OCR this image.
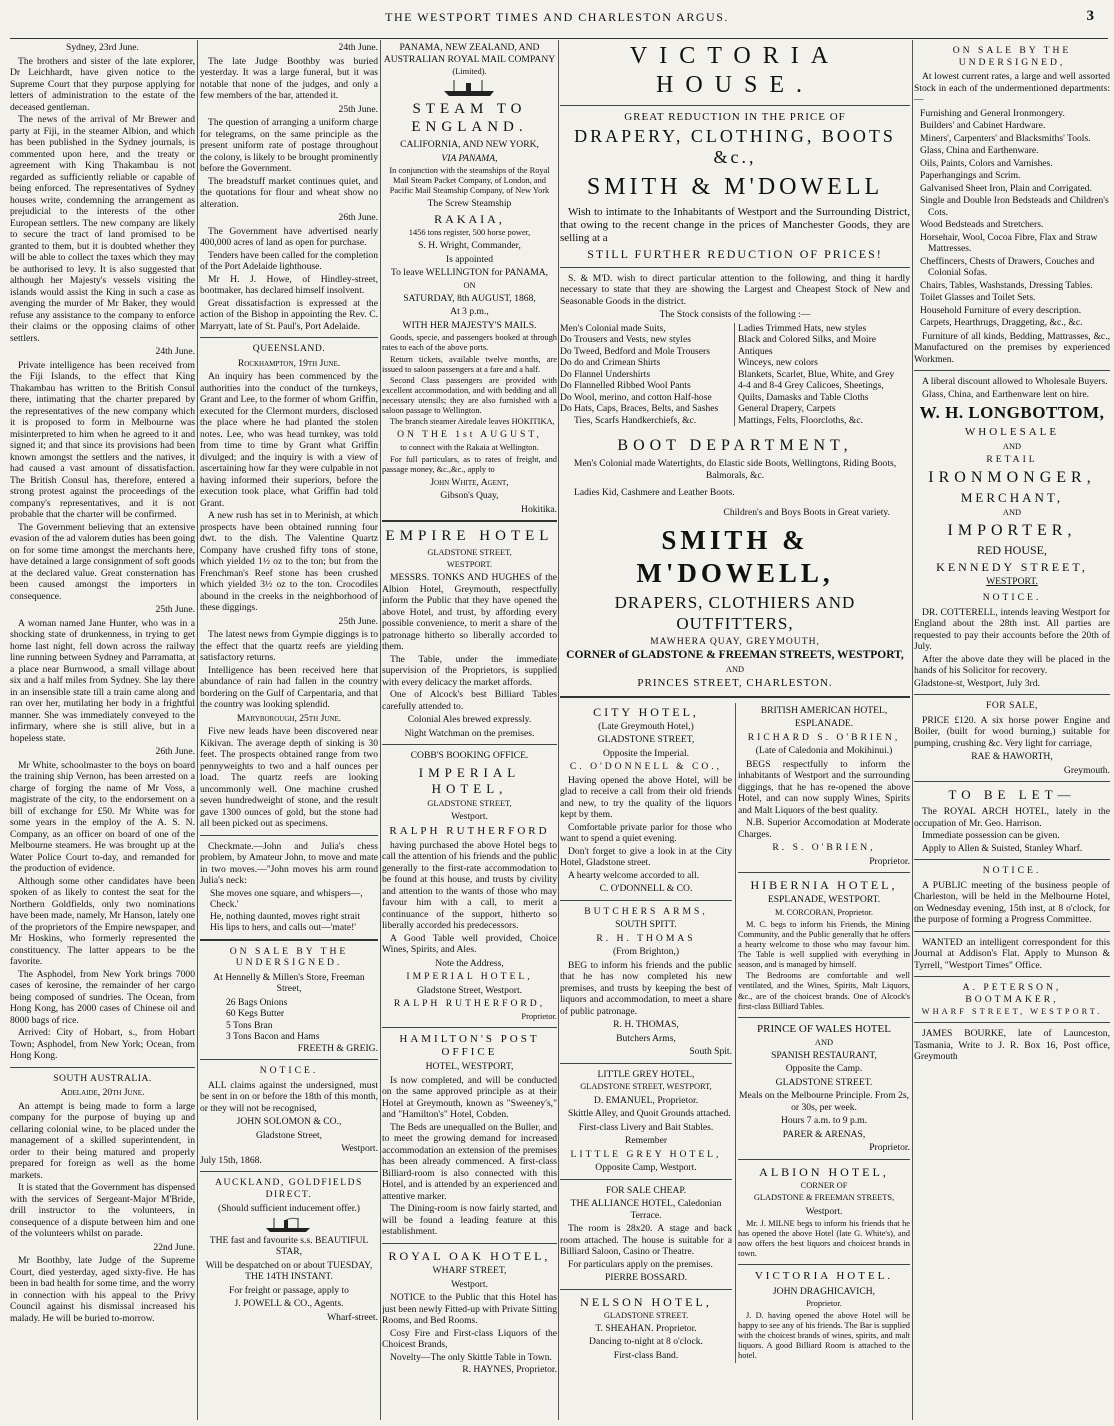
THE WESTPORT TIMES AND CHARLESTON ARGUS.	3
Sydney, 23rd June.

The brothers and sister of the late explorer, Dr Leichhardt, have given notice to the Supreme Court that they purpose applying for letters of administration to the estate of the deceased gentleman.

The news of the arrival of Mr Brewer and party at Fiji, in the steamer Albion, and which has been published in the Sydney journals, is commented upon here, and the treaty or agreement with King Thakambau is not regarded as sufficiently reliable or capable of being enforced. The representatives of Sydney houses write, condemning the arrangement as prejudicial to the interests of the other European settlers. The new company are likely to secure the tract of land promised to be granted to them, but it is doubted whether they will be able to collect the taxes which they may be authorised to levy. It is also suggested that although her Majesty's vessels visiting the islands would assist the King in such a case as avenging the murder of Mr Baker, they would refuse any assistance to the company to enforce their claims or the opposing claims of other settlers.

24th June.

Private intelligence has been received from the Fiji Islands, to the effect that King Thakambau has written to the British Consul there, intimating that the charter prepared by the representatives of the new company which it is proposed to form in Melbourne was misinterpreted to him when he agreed to it and signed it; and that since its provisions had been known amongst the settlers and the natives, it had caused a vast amount of dissatisfaction. The British Consul has, therefore, entered a strong protest against the proceedings of the company's representatives, and it is not probable that the charter will be confirmed.

The Government believing that an extensive evasion of the ad valorem duties has been going on for some time amongst the merchants here, have detained a large consignment of soft goods at the declared value. Great consternation has been caused amongst the importers in consequence.

25th June.

A woman named Jane Hunter, who was in a shocking state of drunkenness, in trying to get home last night, fell down across the railway line running between Sydney and Parramatta, at a place near Burnwood, a small village about six and a half miles from Sydney. She lay there in an insensible state till a train came along and ran over her, mutilating her body in a frightful manner. She was immediately conveyed to the infirmary, where she is still alive, but in a hopeless state.

26th June.

Mr White, schoolmaster to the boys on board the training ship Vernon, has been arrested on a charge of forging the name of Mr Voss, a magistrate of the city, to the endorsement on a bill of exchange for £50. Mr White was for some years in the employ of the A. S. N. Company, as an officer on board of one of the Melbourne steamers. He was brought up at the Water Police Court to-day, and remanded for the production of evidence.

Although some other candidates have been spoken of as likely to contest the seat for the Northern Goldfields, only two nominations have been made, namely, Mr Hanson, lately one of the proprietors of the Empire newspaper, and Mr Hoskins, who formerly represented the constituency. The latter appears to be the favorite.

The Asphodel, from New York brings 7000 cases of kerosine, the remainder of her cargo being composed of sundries. The Ocean, from Hong Kong, has 2000 cases of Chinese oil and 8000 bags of rice.

Arrived: City of Hobart, s., from Hobart Town; Asphodel, from New York; Ocean, from Hong Kong.

SOUTH AUSTRALIA.
Adelaide, 20th June.

An attempt is being made to form a large company for the purpose of buying up and cellaring colonial wine, to be placed under the management of a skilled superintendent, in order to their being matured and properly prepared for foreign as well as the home markets.

It is stated that the Government has dispensed with the services of Sergeant-Major M'Bride, drill instructor to the volunteers, in consequence of a dispute between him and one of the volunteers whilst on parade.

22nd June.

Mr Boothby, late Judge of the Supreme Court, died yesterday, aged sixty-five. He has been in bad health for some time, and the worry in connection with his appeal to the Privy Council against his dismissal increased his malady. He will be buried to-morrow.

24th June.

The late Judge Boothby was buried yesterday. It was a large funeral, but it was notable that none of the judges, and only a few members of the bar, attended it.

25th June.

The question of arranging a uniform charge for telegrams, on the same principle as the present uniform rate of postage throughout the colony, is likely to be brought prominently before the Government.

The breadstuff market continues quiet, and the quotations for flour and wheat show no alteration.

26th June.

The Government have advertised nearly 400,000 acres of land as open for purchase.

Tenders have been called for the completion of the Port Adelaide lighthouse.

Mr H. J. Howe, of Hindley-street, bootmaker, has declared himself insolvent.

Great dissatisfaction is expressed at the action of the Bishop in appointing the Rev. C. Marryatt, late of St. Paul's, Port Adelaide.

QUEENSLAND.
Rockhampton, 19th June.

An inquiry has been commenced by the authorities into the conduct of the turnkeys, Grant and Lee, to the former of whom Griffin, executed for the Clermont murders, disclosed the place where he had planted the stolen notes. Lee, who was head turnkey, was told from time to time by Grant what Griffin divulged; and the inquiry is with a view of ascertaining how far they were culpable in not having informed their superiors, before the execution took place, what Griffin had told Grant.

A new rush has set in to Merinish, at which prospects have been obtained running four dwt. to the dish. The Valentine Quartz Company have crushed fifty tons of stone, which yielded 1½ oz to the ton; but from the Frenchman's Reef stone has been crushed which yielded 3½ oz to the ton. Crocodiles abound in the creeks in the neighborhood of these diggings.

25th June.

The latest news from Gympie diggings is to the effect that the quartz reefs are yielding satisfactory returns.

Intelligence has been received here that abundance of rain had fallen in the country bordering on the Gulf of Carpentaria, and that the country was looking splendid.

Maryborough, 25th June.

Five new leads have been discovered near Kikivan. The average depth of sinking is 30 feet. The prospects obtained range from two pennyweights to two and a half ounces per load. The quartz reefs are looking uncommonly well. One machine crushed seven hundredweight of stone, and the result gave 1300 ounces of gold, but the stone had all been picked out as specimens.

Checkmate.—John and Julia's chess problem, by Amateur John, to move and mate in two moves.—"John moves his arm round Julia's neck:

She moves one square, and whispers—, Check.'
He, nothing daunted, moves right strait
His lips to hers, and calls out—'mate!'
ON SALE BY THE UNDERSIGNED.
At Hennelly & Millen's Store, Freeman Street,
26 Bags Onions
60 Kegs Butter
5 Tons Bran
3 Tons Bacon and Hams
FREETH & GREIG.
NOTICE.

ALL claims against the undersigned, must be sent in on or before the 18th of this month, or they will not be recognised,

JOHN SOLOMON & CO.,
Gladstone Street,
Westport.
July 15th, 1868.
AUCKLAND, GOLDFIELDS DIRECT.
(Should sufficient inducement offer.)
THE fast and favourite s.s. BEAUTIFUL STAR,
Will be despatched on or about TUESDAY, THE 14TH INSTANT.
For freight or passage, apply to
J. POWELL & CO., Agents.
Wharf-street.
PANAMA, NEW ZEALAND, AND AUSTRALIAN ROYAL MAIL COMPANY
(Limited).
STEAM TO ENGLAND.
CALIFORNIA, AND NEW YORK,
VIA PANAMA,
In conjunction with the steamships of the Royal Mail Steam Packet Company, of London, and Pacific Mail Steamship Company, of New York
The Screw Steamship
RAKAIA,
1456 tons register, 500 horse power,
S. H. Wright, Commander,
Is appointed
To leave WELLINGTON for PANAMA,
ON
SATURDAY, 8th AUGUST, 1868,
At 3 p.m.,
WITH HER MAJESTY'S MAILS.

Goods, specie, and passengers booked at through rates to each of the above ports.

Return tickets, available twelve months, are issued to saloon passengers at a fare and a half.

Second Class passengers are provided with excellent accommodation, and with bedding and all necessary utensils; they are also furnished with a saloon passage to Wellington.

The branch steamer Airedale leaves HOKITIKA,

ON THE 1st AUGUST,
to connect with the Rakaia at Wellington.

For full particulars, as to rates of freight, and passage money, &c.,&c., apply to

John White, Agent,
Gibson's Quay,
Hokitika.
EMPIRE HOTEL
GLADSTONE STREET,
WESTPORT.

MESSRS. TONKS AND HUGHES of the Albion Hotel, Greymouth, respectfully inform the Public that they have opened the above Hotel, and trust, by affording every possible convenience, to merit a share of the patronage hitherto so liberally accorded to them.

The Table, under the immediate supervision of the Proprietors, is supplied with every delicacy the market affords.

One of Alcock's best Billiard Tables carefully attended to.

Colonial Ales brewed expressly.
Night Watchman on the premises.
COBB'S BOOKING OFFICE.
IMPERIAL HOTEL,
GLADSTONE STREET,
Westport.
RALPH RUTHERFORD

having purchased the above Hotel begs to call the attention of his friends and the public generally to the first-rate accommodation to be found at this house, and trusts by civility and attention to the wants of those who may favour him with a call, to merit a continuance of the support, hitherto so liberally accorded his predecessors.

A Good Table well provided, Choice Wines, Spirits, and Ales.

Note the Address,
IMPERIAL HOTEL,
Gladstone Street, Westport.
RALPH RUTHERFORD,
Proprietor.
HAMILTON'S POST OFFICE
HOTEL, WESTPORT,

Is now completed, and will be conducted on the same approved principle as at their Hotel at Greymouth, known as "Sweeney's," and "Hamilton's" Hotel, Cobden.

The Beds are unequalled on the Buller, and to meet the growing demand for increased accommodation an extension of the premises has been already commenced. A first-class Billiard-room is also connected with this Hotel, and is attended by an experienced and attentive marker.

The Dining-room is now fairly started, and will be found a leading feature at this establishment.

ROYAL OAK HOTEL,
WHARF STREET,
Westport.

NOTICE to the Public that this Hotel has just been newly Fitted-up with Private Sitting Rooms, and Bed Rooms.

Cosy Fire and First-class Liquors of the Choicest Brands,

Novelty—The only Skittle Table in Town.

R. HAYNES, Proprietor.
VICTORIA HOUSE.
GREAT REDUCTION IN THE PRICE OF
DRAPERY, CLOTHING, BOOTS &c.,
SMITH & M'DOWELL

Wish to intimate to the Inhabitants of Westport and the Surrounding District, that owing to the recent change in the prices of Manchester Goods, they are selling at a

STILL FURTHER REDUCTION OF PRICES!

S. & M'D. wish to direct particular attention to the following, and thing it hardly necessary to state that they are showing the Largest and Cheapest Stock of New and Seasonable Goods in the district.

The Stock consists of the following :—
Men's Colonial made Suits,
Do Trousers and Vests, new styles
Do Tweed, Bedford and Mole Trousers
Do do and Crimean Shirts
Do Flannel Undershirts
Do Flannelled Ribbed Wool Pants
Do Wool, merino, and cotton Half-hose
Do Hats, Caps, Braces, Belts, and Sashes
Ties, Scarfs Handkerchiefs, &c.
Ladies Trimmed Hats, new styles
Black and Colored Silks, and Moire Antiques
Winceys, new colors
Blankets, Scarlet, Blue, White, and Grey
4-4 and 8-4 Grey Calicoes, Sheetings,
Quilts, Damasks and Table Cloths
General Drapery, Carpets
Mattings, Felts, Floorcloths, &c.
BOOT DEPARTMENT,
Men's Colonial made Watertights, do Elastic side Boots, Wellingtons, Riding Boots, Balmorals, &c.
Ladies Kid, Cashmere and Leather Boots.
Children's and Boys Boots in Great variety.
SMITH & M'DOWELL,
DRAPERS, CLOTHIERS AND OUTFITTERS,
MAWHERA QUAY, GREYMOUTH,
CORNER of GLADSTONE & FREEMAN STREETS, WESTPORT,
AND
PRINCES STREET, CHARLESTON.
CITY HOTEL,
(Late Greymouth Hotel,)
GLADSTONE STREET,
Opposite the Imperial.
C. O'DONNELL & CO.,

Having opened the above Hotel, will be glad to receive a call from their old friends and new, to try the quality of the liquors kept by them.

Comfortable private parlor for those who want to spend a quiet evening.

Don't forget to give a look in at the City Hotel, Gladstone street.

A hearty welcome accorded to all.

C. O'DONNELL & CO.
BUTCHERS ARMS,
SOUTH SPITT.
R. H. THOMAS
(From Brighton,)

BEG to inform his friends and the public that he has now completed his new premises, and trusts by keeping the best of liquors and accommodation, to meet a share of public patronage.

R. H. THOMAS,
Butchers Arms,
South Spit.
LITTLE GREY HOTEL,
GLADSTONE STREET, WESTPORT,
D. EMANUEL, Proprietor.

Skittle Alley, and Quoit Grounds attached.

First-class Livery and Bait Stables.
Remember
LITTLE GREY HOTEL,
Opposite Camp, Westport.
FOR SALE CHEAP.
THE ALLIANCE HOTEL, Caledonian Terrace.

The room is 28x20. A stage and back room attached. The house is suitable for a Billiard Saloon, Casino or Theatre.

For particulars apply on the premises.

PIERRE BOSSARD.
NELSON HOTEL,
GLADSTONE STREET.
T. SHEAHAN. Proprietor.
Dancing to-night at 8 o'clock.
First-class Band.
BRITISH AMERICAN HOTEL,
ESPLANADE.
RICHARD S. O'BRIEN,
(Late of Caledonia and Mokihinui.)

BEGS respectfully to inform the inhabitants of Westport and the surrounding diggings, that he has re-opened the above Hotel, and can now supply Wines, Spirits and Malt Liquors of the best quality.

N.B. Superior Accomodation at Moderate Charges.

R. S. O'BRIEN,
Proprietor.
HIBERNIA HOTEL,
ESPLANADE, WESTPORT.
M. CORCORAN, Proprietor.

M. C. begs to inform his Friends, the Mining Community, and the Public generally that he offers a hearty welcome to those who may favour him. The Table is well supplied with everything in season, and is managed by himself.

The Bedrooms are comfortable and well ventilated, and the Wines, Spirits, Malt Liquors, &c., are of the choicest brands. One of Alcock's first-class Billiard Tables.

PRINCE OF WALES HOTEL
AND
SPANISH RESTAURANT,
Opposite the Camp.
GLADSTONE STREET.
Meals on the Melbourne Principle. From 2s, or 30s, per week.
Hours 7 a.m. to 9 p.m.
PARER & ARENAS,
Proprietor.
ALBION HOTEL,
CORNER OF
GLADSTONE & FREEMAN STREETS,
Westport.

Mr. J. MILNE begs to inform his friends that he has opened the above Hotel (late G. White's), and now offers the best liquors and choicest brands in town.

VICTORIA HOTEL.
JOHN DRAGHICAVICH,
Proprietor.

J. D. having opened the above Hotel will be happy to see any of his friends. The Bar is supplied with the choicest brands of wines, spirits, and malt liquors. A good Billiard Room is attached to the hotel.

ON SALE BY THE UNDERSIGNED,

At lowest current rates, a large and well assorted Stock in each of the undermentioned departments:—

Furnishing and General Ironmongery.
Builders' and Cabinet Hardware.
Miners', Carpenters' and Blacksmiths' Tools.
Glass, China and Earthenware.
Oils, Paints, Colors and Varnishes.
Paperhangings and Scrim.
Galvanised Sheet Iron, Plain and Corrigated.
Single and Double Iron Bedsteads and Children's Cots.
Wood Bedsteads and Stretchers.
Horsehair, Wool, Cocoa Fibre, Flax and Straw Mattresses.
Cheffincers, Chests of Drawers, Couches and Colonial Sofas.
Chairs, Tables, Washstands, Dressing Tables.
Toilet Glasses and Toilet Sets.
Household Furniture of every description.
Carpets, Hearthrugs, Draggeting, &c., &c.

Furniture of all kinds, Bedding, Mattrasses, &c., Manufactured on the premises by experienced Workmen.

A liberal discount allowed to Wholesale Buyers.

Glass, China, and Earthenware lent on hire.

W. H. LONGBOTTOM,
WHOLESALE
AND
RETAIL
IRONMONGER,
MERCHANT,
AND
IMPORTER,
RED HOUSE,
KENNEDY STREET,
WESTPORT.
NOTICE.

DR. COTTERELL, intends leaving Westport for England about the 28th inst. All parties are requested to pay their accounts before the 20th of July.

After the above date they will be placed in the hands of his Solicitor for recovery.

Gladstone-st, Westport, July 3rd.
FOR SALE,

PRICE £120. A six horse power Engine and Boiler, (built for wood burning,) suitable for pumping, crushing &c. Very light for carriage,

RAE & HAWORTH,
Greymouth.
TO BE LET—

The ROYAL ARCH HOTEL, lately in the occupation of Mr. Geo. Harrison.

Immediate possession can be given.

Apply to Allen & Suisted, Stanley Wharf.

NOTICE.

A PUBLIC meeting of the business people of Charleston, will be held in the Melbourne Hotel, on Wednesday evening, 15th inst, at 8 o'clock, for the purpose of forming a Progress Committee.

WANTED an intelligent correspondent for this Journal at Addison's Flat. Apply to Munson & Tyrrell, "Westport Times" Office.

A. PETERSON, BOOTMAKER,
WHARF STREET, WESTPORT.

JAMES BOURKE, late of Launceston, Tasmania, Write to J. R. Box 16, Post office, Greymouth
